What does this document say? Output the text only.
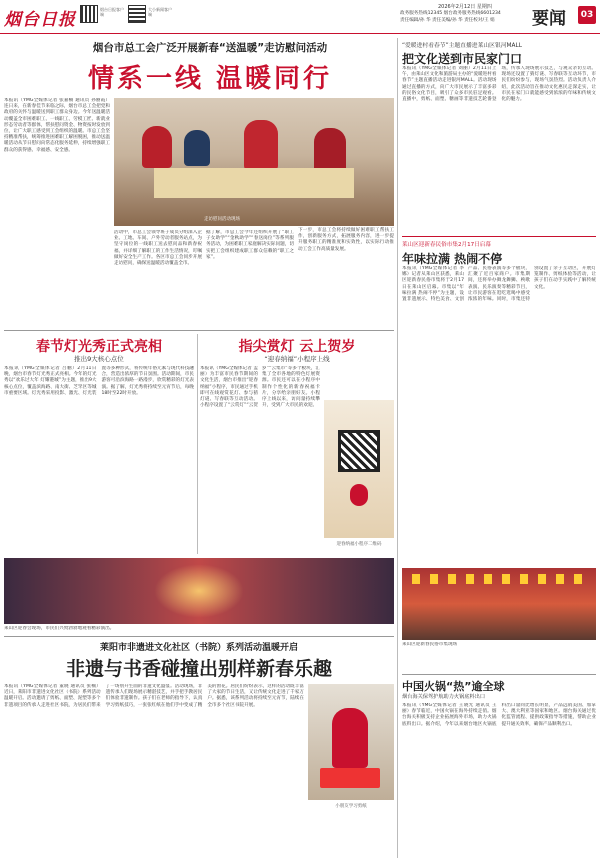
烟台日报
烟台日报客户端
大小新闻客户端
2026年2月12日 星期四
政务服务热线12345 烟台政务服务热线6601234
责任编辑/孙 华 责任美编/孙 华 责任校对/王 娟 要闻	03
烟台市总工会广泛开展新春“送温暖”走访慰问活动
情系一线 温暖同行

本报讯（YMG全媒体记者 张嘉楠 通讯员 孙丽霞）连日来，在新春佳节来临之际，烟台市总工会把党和政府的关怀与温暖送到职工群众身边。今年送温暖活动覆盖全市困难职工、一线职工、劳模工匠、新就业形态劳动者等群体，帮扶慰问资金、物资按时发放到位，让广大职工感受到工会组织的温暖。市总工会坚持精准帮扶，统筹推进困难职工解困脱困，推动送温暖活动从节日慰问向常态化服务延伸，持续增强职工群众的获得感、幸福感、安全感。

走访慰问活动现场

活动中，市总工会领导班子成员分组深入企业、工地、车间、户外劳动者服务站点，为坚守岗位的一线职工送去慰问品和新春祝福，并详细了解职工的工作生活情况，叮嘱做好安全生产工作。各区市总工会同步开展走访慰问，确保送温暖活动覆盖全市。

据了解，市总工会今年还组织开展了“职工子女助学”“金秋助学”“春送岗位”等系列服务活动，为困难职工家庭解决实际问题，切实把工会组织建成职工群众信赖的“职工之家”。

下一步，市总工会将持续做好困难职工帮扶工作，创新服务方式，拓展服务内容，进一步提升服务职工的精准度和实效性，以实际行动推动工会工作高质量发展。

“爱暖进村看春节”主题直播进莱山区银河MALL
把文化送到市民家门口

本报讯（YMG全媒体记者 刘丽）2月11日上午，由莱山区文化和旅游局主办的“爱暖进村看春节”主题直播活动走进银河MALL。活动现场通过直播的方式，向广大市民展示了丰富多彩的民俗文化节目，吸引了众多市民驻足观看。直播中，剪纸、面塑、糖画等非遗技艺轮番登场，传承人现场展示技艺，与观众亲切互动。现场还设置了猜灯谜、写春联等互动环节，市民们纷纷参与，现场气氛热烈。活动负责人介绍，此次活动旨在推动文化惠民走深走实，让市民在家门口就能感受到浓浓的年味和传统文化的魅力。

莱山区迎新春民俗市集2月17日启幕
年味拉满 热闹不停

本报讯（YMG全媒体记者 李娜）记者从莱山区获悉，莱山区迎新春民俗市集将于2月17日在莱山区启幕。市集以“年味拉满 热闹不停”为主题，设置非遗展示、特色美食、文创产品、民俗表演等多个板块，汇聚了近百家商户。市集期间，还将举办舞龙舞狮、秧歌表演、民乐演奏等精彩节目，让市民游客在逛吃逛喝中感受浓浓的年味。同时，市集还特别设置了亲子互动区，开展灯笼制作、剪纸体验等活动，让孩子们在动手实践中了解传统文化。

春节灯光秀正式亮相
推出9大核心点位

本报讯（YMG全媒体记者 吕鹏）2月11日晚，烟台市春节灯光秀正式亮相。今年的灯光秀以“欢乐过大年 灯耀港城”为主题，推出9大核心点位，覆盖滨海路、南大街、芝罘区等城市重要区域。灯光秀采用投影、激光、灯光装置等多种形式，将传统年俗元素与现代科技融合，营造出浓厚的节日氛围。活动期间，市民游客可沿滨海路一路漫步，欣赏精彩的灯光表演。据了解，灯光秀将持续至元宵节后，每晚18时至22时开放。

指尖赏灯 云上贺岁
“迎春纳福”小程序上线

本报讯（YMG全媒体记者 孟丽）为丰富市民春节期间的文化生活，烟台市推出“迎春纳福”小程序，市民通过手机即可在线观赏花灯、参与猜灯谜、写春联等互动活动。小程序设置了“云赏灯”“云贺岁”“云集市”等多个板块，汇集了全市各地的特色灯展资源。市民还可以在小程序中制作个性化的新春祝福卡片，分享给亲朋好友。小程序上线以来，访问量持续攀升，受到广大市民的欢迎。

迎春纳福小程序二维码

莱山区迎新春民俗市集现场

莱山区迎春会现场，市民们兴致勃勃地观看精彩演出。
莱阳市非遗进文化社区（书院）系列活动温暖开启
非遗与书香碰撞出别样新春乐趣

本报讯（YMG全媒体记者 董晓 通讯员 张楠）近日，莱阳市非遗进文化社区（书院）系列活动温暖开启。活动邀请了剪纸、面塑、泥塑等多个非遗项目的传承人走进社区书院，为居民们带来了一场别开生面的非遗文化盛宴。活动现场，非遗传承人们现场展示精湛技艺，并手把手教居民们体验非遗制作。孩子们在老师的指导下，认真学习剪纸技巧，一张张红纸在他们手中变成了精美的窗花。居民们纷纷表示，这样的活动既丰富了大家的节日生活，又让传统文化走进了千家万户。据悉，该系列活动将持续至元宵节，陆续在全市多个社区书院开展。

小朋友学习剪纸
中国火锅“热”逾全球
烟台海关保驾护航助力火锅底料出口

本报讯（YMG全媒体记者 王晓光 通讯员 王丽）春节临近，中国火锅在海外持续走俏。烟台海关积极支持企业拓展海外市场，助力火锅底料出口。据介绍，今年以来烟台地区火锅底料出口量同比增长明显，产品远销美国、加拿大、澳大利亚等国家和地区。烟台海关通过优化监管流程、提供政策指导等措施，帮助企业提升通关效率，确保产品顺利出口。
